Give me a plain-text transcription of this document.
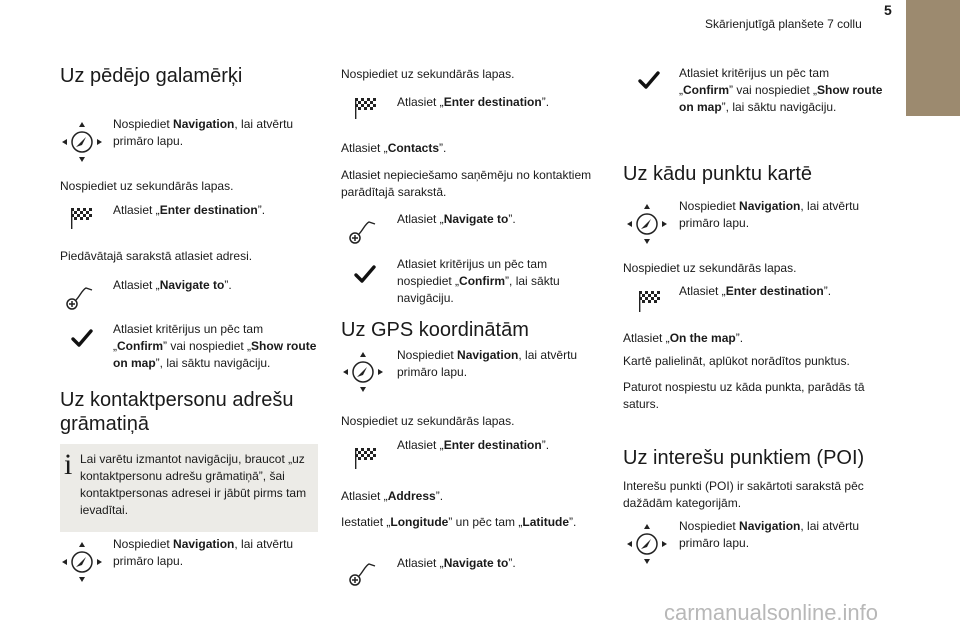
5
Skārienjutīgā planšete 7 collu
Uz pēdējo galamērķi

Nospiediet Navigation, lai atvērtu primāro lapu.

Nospiediet uz sekundārās lapas.

Atlasiet „Enter destination”.

Piedāvātajā sarakstā atlasiet adresi.

Atlasiet „Navigate to”.

Atlasiet kritērijus un pēc tam „Confirm” vai nospiediet „Show route on map”, lai sāktu navigāciju.

Uz kontaktpersonu adrešu grāmatiņā
i Lai varētu izmantot navigāciju, braucot „uz kontaktpersonu adrešu grāmatiņā”, šai kontaktpersonas adresei ir jābūt pirms tam ievadītai.

Nospiediet Navigation, lai atvērtu primāro lapu.

Nospiediet uz sekundārās lapas.

Atlasiet „Enter destination”.

Atlasiet „Contacts”.

Atlasiet nepieciešamo saņēmēju no kontaktiem parādītajā sarakstā.

Atlasiet „Navigate to”.

Atlasiet kritērijus un pēc tam nospiediet „Confirm”, lai sāktu navigāciju.

Uz GPS koordinātām

Nospiediet Navigation, lai atvērtu primāro lapu.

Nospiediet uz sekundārās lapas.

Atlasiet „Enter destination”.

Atlasiet „Address”.

Iestatiet „Longitude” un pēc tam „Latitude”.

Atlasiet „Navigate to”.

Atlasiet kritērijus un pēc tam „Confirm” vai nospiediet „Show route on map”, lai sāktu navigāciju.

Uz kādu punktu kartē

Nospiediet Navigation, lai atvērtu primāro lapu.

Nospiediet uz sekundārās lapas.

Atlasiet „Enter destination”.

Atlasiet „On the map”.

Kartē palielināt, aplūkot norādītos punktus.

Paturot nospiestu uz kāda punkta, parādās tā saturs.

Uz interešu punktiem (POI)

Interešu punkti (POI) ir sakārtoti sarakstā pēc dažādām kategorijām.

Nospiediet Navigation, lai atvērtu primāro lapu.

carmanualsonline.info
